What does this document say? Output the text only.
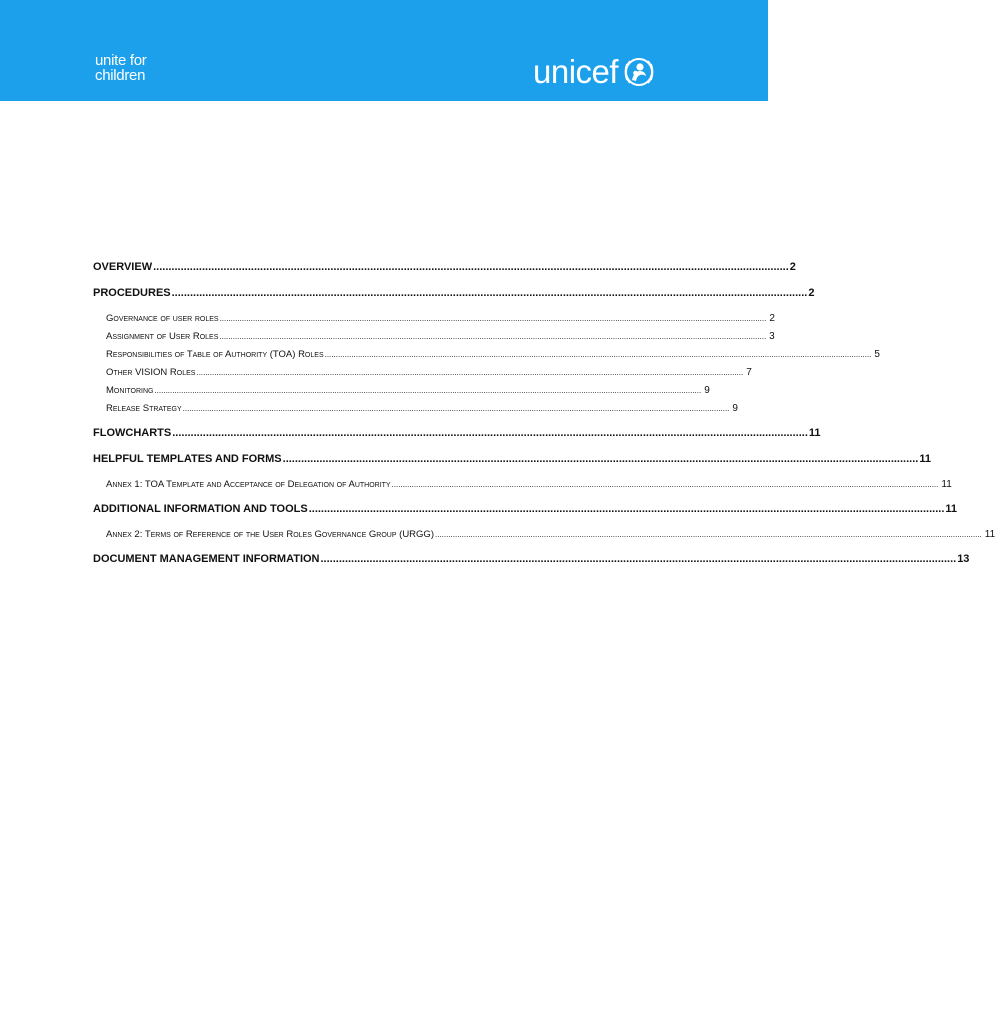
unite for
children	unicef
OVERVIEW ................................................................................................................................................................................................................ 2
PROCEDURES ................................................................................................................................................................................................................ 2
Governance of user roles ...................................................................................................................................................................................................................................................... 2
Assignment of User Roles ...................................................................................................................................................................................................................................................... 3
Responsibilities of Table of Authority (TOA) Roles ...................................................................................................................................................................................................................................................... 5
Other VISION Roles ...................................................................................................................................................................................................................................................... 7
Monitoring ...................................................................................................................................................................................................................................................... 9
Release Strategy ...................................................................................................................................................................................................................................................... 9
FLOWCHARTS ................................................................................................................................................................................................................ 11
HELPFUL TEMPLATES AND FORMS ................................................................................................................................................................................................................ 11
Annex 1: TOA Template and Acceptance of Delegation of Authority ...................................................................................................................................................................................................................................................... 11
ADDITIONAL INFORMATION AND TOOLS ................................................................................................................................................................................................................ 11
Annex 2: Terms of Reference of the User Roles Governance Group (URGG) ...................................................................................................................................................................................................................................................... 11
DOCUMENT MANAGEMENT INFORMATION ................................................................................................................................................................................................................ 13
